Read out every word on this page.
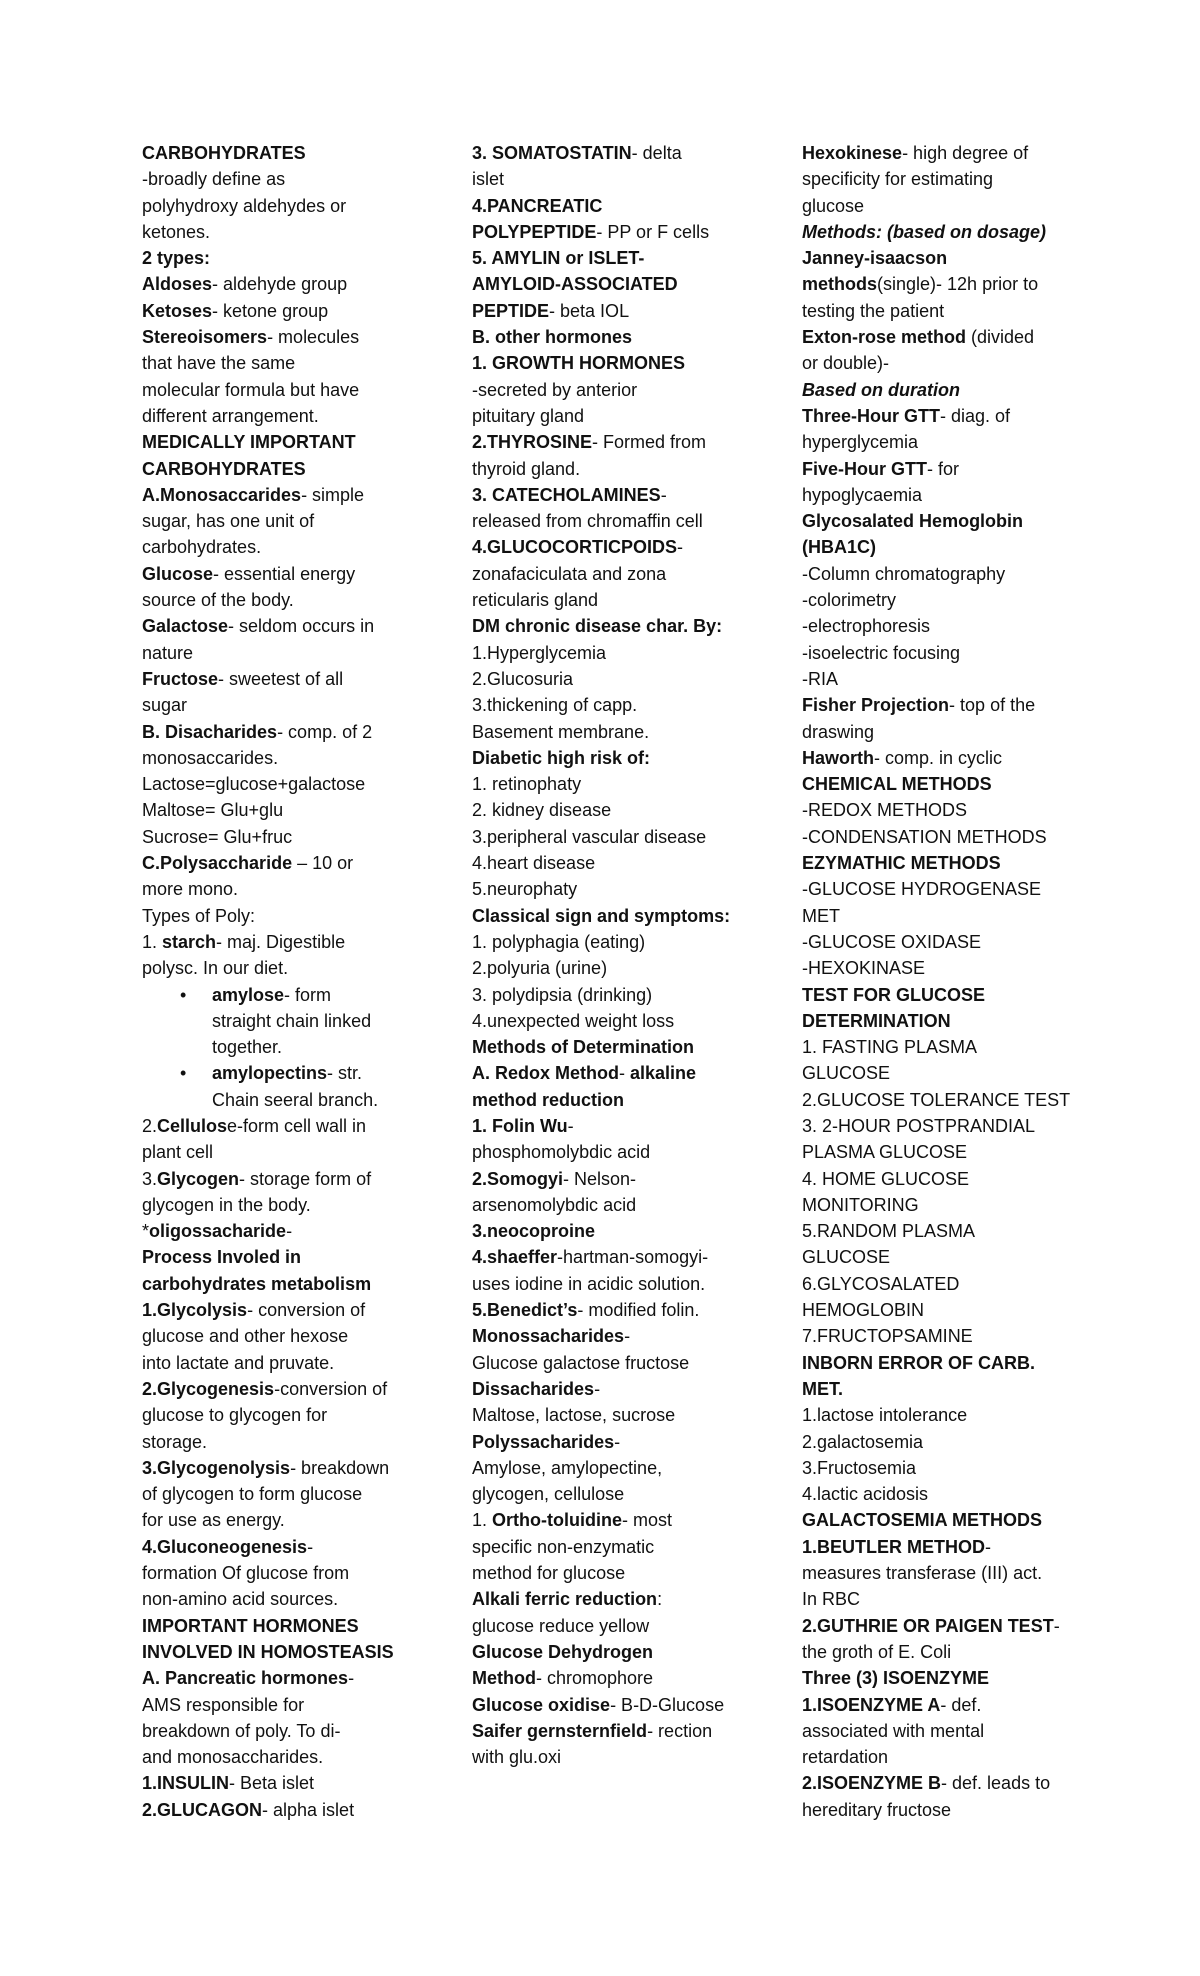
CARBOHYDRATES
-broadly define as
polyhydroxy aldehydes or
ketones.
2 types:
Aldoses- aldehyde group
Ketoses- ketone group
Stereoisomers- molecules
that have the same
molecular formula but have
different arrangement.
MEDICALLY IMPORTANT
CARBOHYDRATES
A.Monosaccarides- simple
sugar, has one unit of
carbohydrates.
Glucose- essential energy
source of the body.
Galactose- seldom occurs in
nature
Fructose- sweetest of all
sugar
B. Disacharides- comp. of 2
monosaccarides.
Lactose=glucose+galactose
Maltose= Glu+glu
Sucrose= Glu+fruc
C.Polysaccharide – 10 or
more mono.
Types of Poly:
1. starch- maj. Digestible
polysc. In our diet.
• amylose- form
straight chain linked
together.
• amylopectins- str.
Chain seeral branch.
2.Cellulose-form cell wall in
plant cell
3.Glycogen- storage form of
glycogen in the body.
*oligossacharide-
Process Involed in
carbohydrates metabolism
1.Glycolysis- conversion of
glucose and other hexose
into lactate and pruvate.
2.Glycogenesis-conversion of
glucose to glycogen for
storage.
3.Glycogenolysis- breakdown
of glycogen to form glucose
for use as energy.
4.Gluconeogenesis-
formation Of glucose from
non-amino acid sources.
IMPORTANT HORMONES
INVOLVED IN HOMOSTEASIS
A. Pancreatic hormones-
AMS responsible for
breakdown of poly. To di-
and monosaccharides.
1.INSULIN- Beta islet
2.GLUCAGON- alpha islet
3. SOMATOSTATIN- delta
islet
4.PANCREATIC
POLYPEPTIDE- PP or F cells
5. AMYLIN or ISLET-
AMYLOID-ASSOCIATED
PEPTIDE- beta IOL
B. other hormones
1. GROWTH HORMONES
-secreted by anterior
pituitary gland
2.THYROSINE- Formed from
thyroid gland.
3. CATECHOLAMINES-
released from chromaffin cell
4.GLUCOCORTICPOIDS-
zonafaciculata and zona
reticularis gland
DM chronic disease char. By:
1.Hyperglycemia
2.Glucosuria
3.thickening of capp.
Basement membrane.
Diabetic high risk of:
1. retinophaty
2. kidney disease
3.peripheral vascular disease
4.heart disease
5.neurophaty
Classical sign and symptoms:
1. polyphagia (eating)
2.polyuria (urine)
3. polydipsia (drinking)
4.unexpected weight loss
Methods of Determination
A. Redox Method- alkaline
method reduction
1. Folin Wu-
phosphomolybdic acid
2.Somogyi- Nelson-
arsenomolybdic acid
3.neocoproine
4.shaeffer-hartman-somogyi-
uses iodine in acidic solution.
5.Benedict’s- modified folin.
Monossacharides-
Glucose galactose fructose
Dissacharides-
Maltose, lactose, sucrose
Polyssacharides-
Amylose, amylopectine,
glycogen, cellulose
1. Ortho-toluidine- most
specific non-enzymatic
method for glucose
Alkali ferric reduction:
glucose reduce yellow
Glucose Dehydrogen
Method- chromophore
Glucose oxidise- B-D-Glucose
Saifer gernsternfield- rection
with glu.oxi
Hexokinese- high degree of
specificity for estimating
glucose
Methods: (based on dosage)
Janney-isaacson
methods(single)- 12h prior to
testing the patient
Exton-rose method (divided
or double)-
Based on duration
Three-Hour GTT- diag. of
hyperglycemia
Five-Hour GTT- for
hypoglycaemia
Glycosalated Hemoglobin
(HBA1C)
-Column chromatography
-colorimetry
-electrophoresis
-isoelectric focusing
-RIA
Fisher Projection- top of the
draswing
Haworth- comp. in cyclic
CHEMICAL METHODS
-REDOX METHODS
-CONDENSATION METHODS
EZYMATHIC METHODS
-GLUCOSE HYDROGENASE
MET
-GLUCOSE OXIDASE
-HEXOKINASE
TEST FOR GLUCOSE
DETERMINATION
1. FASTING PLASMA
GLUCOSE
2.GLUCOSE TOLERANCE TEST
3. 2-HOUR POSTPRANDIAL
PLASMA GLUCOSE
4. HOME GLUCOSE
MONITORING
5.RANDOM PLASMA
GLUCOSE
6.GLYCOSALATED
HEMOGLOBIN
7.FRUCTOPSAMINE
INBORN ERROR OF CARB.
MET.
1.lactose intolerance
2.galactosemia
3.Fructosemia
4.lactic acidosis
GALACTOSEMIA METHODS
1.BEUTLER METHOD-
measures transferase (III) act.
In RBC
2.GUTHRIE OR PAIGEN TEST-
the groth of E. Coli
Three (3) ISOENZYME
1.ISOENZYME A- def.
associated with mental
retardation
2.ISOENZYME B- def. leads to
hereditary fructose
